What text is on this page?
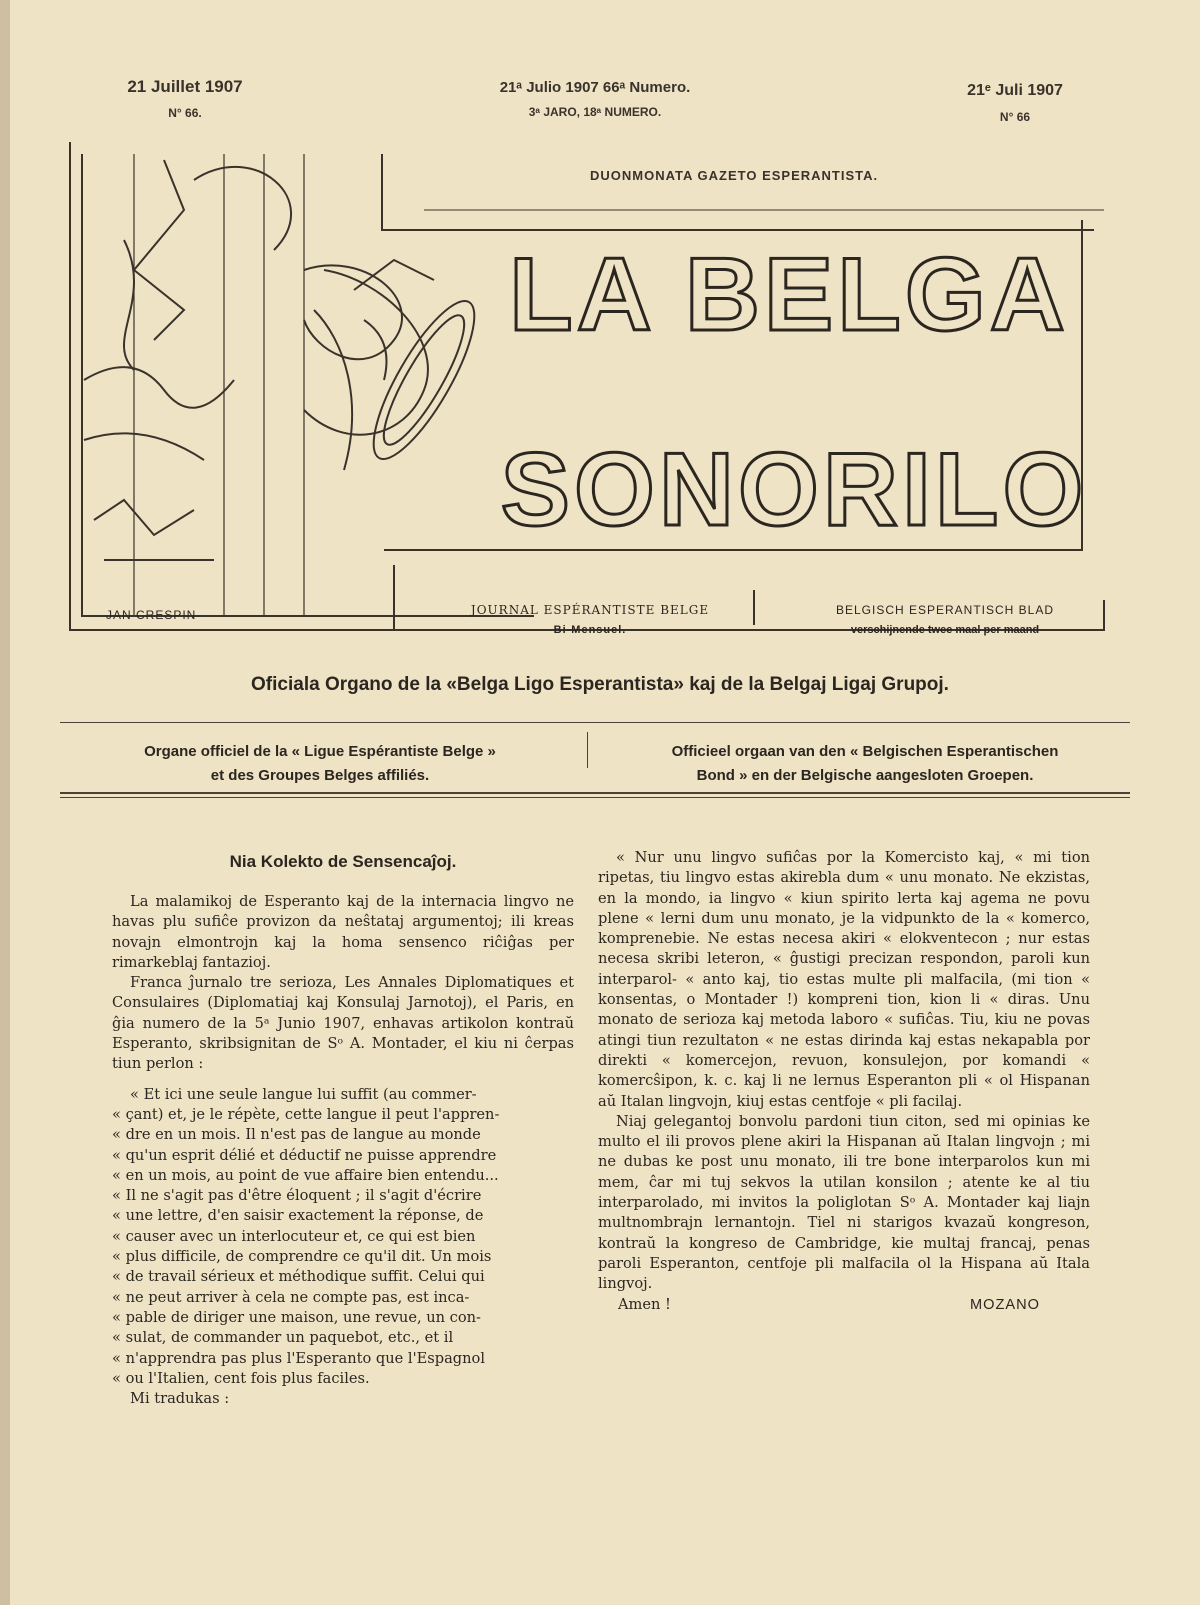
21 Juillet 1907
N° 66.
21ᵃ Julio 1907 66ᵃ Numero.
3ᵃ JARO, 18ᵃ NUMERO.
21ᵉ Juli 1907
N° 66
LA BELGA
SONORILO
DUONMONATA GAZETO ESPERANTISTA.
JAN CRESPIN	JOURNAL ESPÉRANTISTE BELGE
Bi-Mensuel.
BELGISCH ESPERANTISCH BLAD
verschijnende twee maal per maand
Oficiala Organo de la «Belga Ligo Esperantista» kaj de la Belgaj Ligaj Grupoj.
Organe officiel de la « Ligue Espérantiste Belge »
et des Groupes Belges affiliés.
Officieel orgaan van den « Belgischen Esperantischen
Bond » en der Belgische aangesloten Groepen.
Nia Kolekto de Sensencaĵoj.

La malamikoj de Esperanto kaj de la internacia lingvo ne havas plu sufiĉe provizon da neŝtataj argumentoj; ili kreas novajn elmontrojn kaj la homa sensenco riĉiĝas per rimarkeblaj fantazioj.

Franca ĵurnalo tre serioza, Les Annales Diplomatiques et Consulaires (Diplomatiaj kaj Konsulaj Jarnotoj), el Paris, en ĝia numero de la 5ᵃ Junio 1907, enhavas artikolon kontraŭ Esperanto, skribsignitan de Sᵒ A. Montader, el kiu ni ĉerpas tiun perlon :

« Et ici une seule langue lui suffit (au commer-

« çant) et, je le répète, cette langue il peut l'appren-

« dre en un mois. Il n'est pas de langue au monde

« qu'un esprit délié et déductif ne puisse apprendre

« en un mois, au point de vue affaire bien entendu...

« Il ne s'agit pas d'être éloquent ; il s'agit d'écrire

« une lettre, d'en saisir exactement la réponse, de

« causer avec un interlocuteur et, ce qui est bien

« plus difficile, de comprendre ce qu'il dit. Un mois

« de travail sérieux et méthodique suffit. Celui qui

« ne peut arriver à cela ne compte pas, est inca-

« pable de diriger une maison, une revue, un con-

« sulat, de commander un paquebot, etc., et il

« n'apprendra pas plus l'Esperanto que l'Espagnol

« ou l'Italien, cent fois plus faciles.

Mi tradukas :

« Nur unu lingvo sufiĉas por la Komercisto kaj, « mi tion ripetas, tiu lingvo estas akirebla dum « unu monato. Ne ekzistas, en la mondo, ia lingvo « kiun spirito lerta kaj agema ne povu plene « lerni dum unu monato, je la vidpunkto de la « komerco, komprenebie. Ne estas necesa akiri « elokventecon ; nur estas necesa skribi leteron, « ĝustigi precizan respondon, paroli kun interparol- « anto kaj, tio estas multe pli malfacila, (mi tion « konsentas, o Montader !) kompreni tion, kion li « diras. Unu monato de serioza kaj metoda laboro « sufiĉas. Tiu, kiu ne povas atingi tiun rezultaton « ne estas dirinda kaj estas nekapabla por direkti « komercejon, revuon, konsulejon, por komandi « komercŝipon, k. c. kaj li ne lernus Esperanton pli « ol Hispanan aŭ Italan lingvojn, kiuj estas centfoje « pli facilaj.

Niaj gelegantoj bonvolu pardoni tiun citon, sed mi opinias ke multo el ili provos plene akiri la Hispanan aŭ Italan lingvojn ; mi ne dubas ke post unu monato, ili tre bone interparolos kun mi mem, ĉar mi tuj sekvos la utilan konsilon ; atente ke al tiu interparolado, mi invitos la poliglotan Sᵒ A. Montader kaj liajn multnombrajn lernantojn. Tiel ni starigos kvazaŭ kongreson, kontraŭ la kongreso de Cambridge, kie multaj francaj, penas paroli Esperanton, centfoje pli malfacila ol la Hispana aŭ Itala lingvoj.

Amen !	MOZANO
